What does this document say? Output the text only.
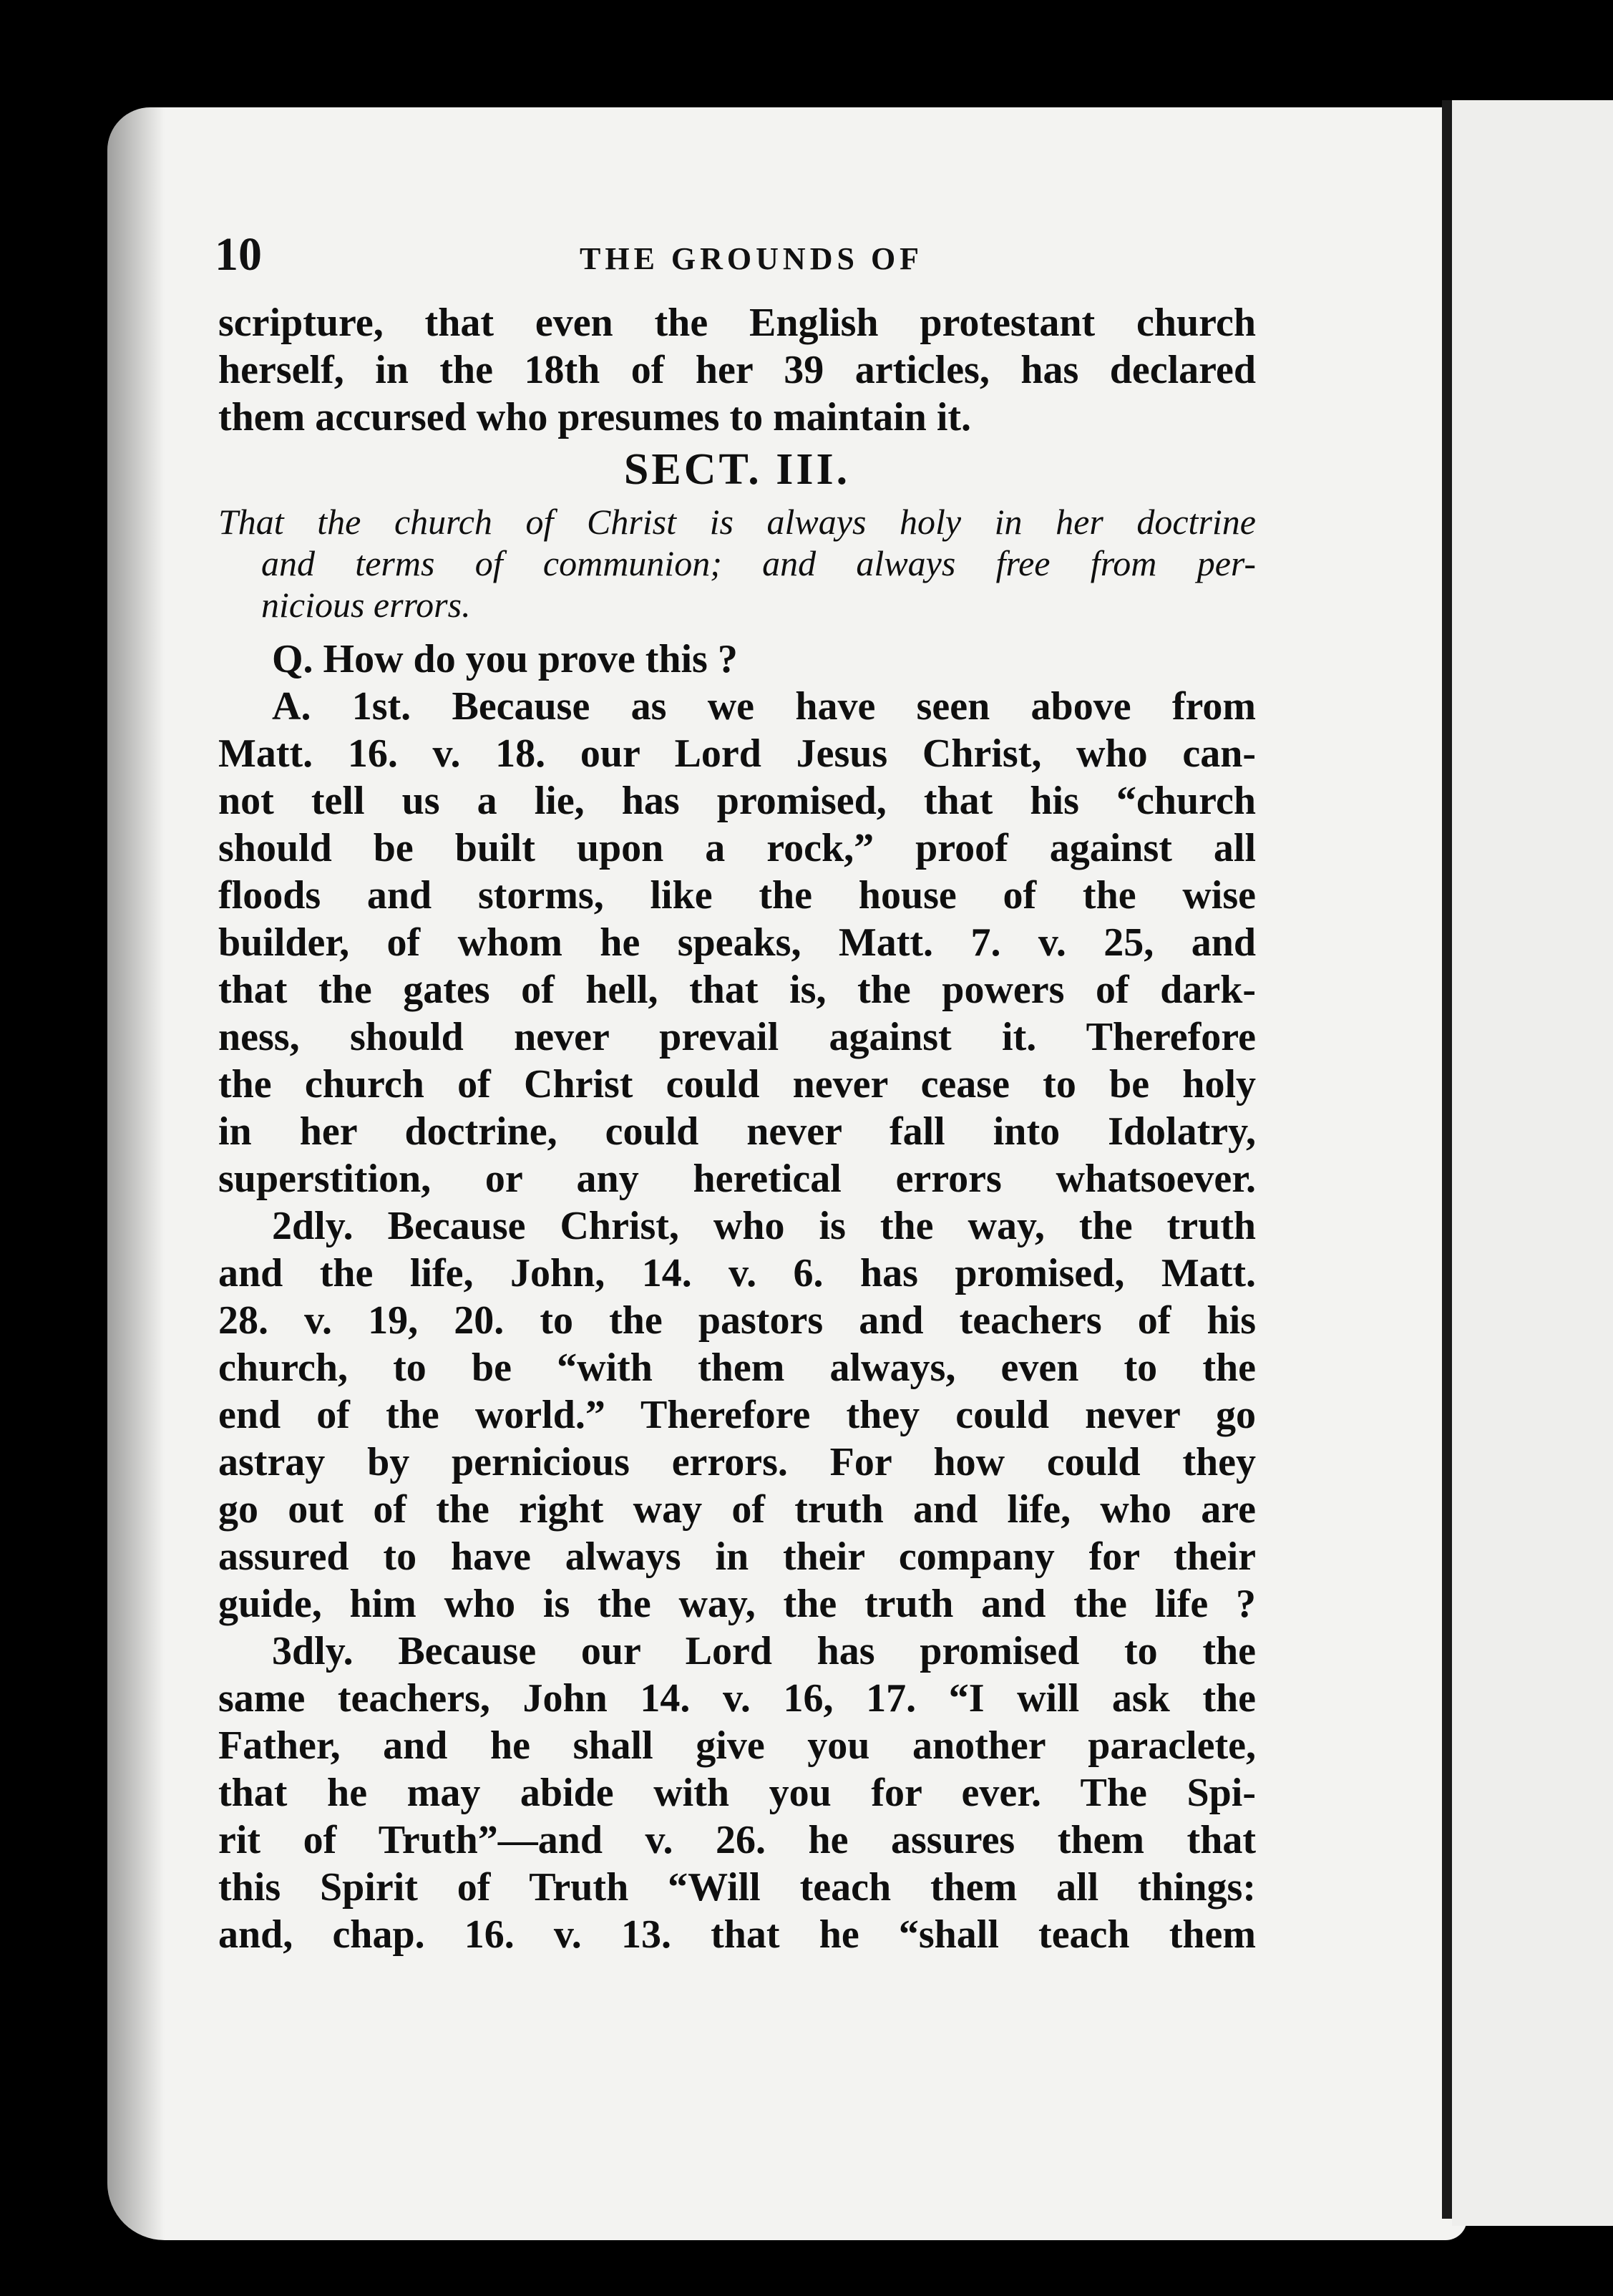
10	THE GROUNDS OF
scripture, that even the English protestant church
herself, in the 18th of her 39 articles, has declared
them accursed who presumes to maintain it.
SECT. III.
That the church of Christ is always holy in her doctrine
and terms of communion; and always free from per-
nicious errors.
Q. How do you prove this ?
A. 1st. Because as we have seen above from
Matt. 16. v. 18. our Lord Jesus Christ, who can-
not tell us a lie, has promised, that his “church
should be built upon a rock,” proof against all
floods and storms, like the house of the wise
builder, of whom he speaks, Matt. 7. v. 25, and
that the gates of hell, that is, the powers of dark-
ness, should never prevail against it. Therefore
the church of Christ could never cease to be holy
in her doctrine, could never fall into Idolatry,
superstition, or any heretical errors whatsoever.
2dly. Because Christ, who is the way, the truth
and the life, John, 14. v. 6. has promised, Matt.
28. v. 19, 20. to the pastors and teachers of his
church, to be “with them always, even to the
end of the world.” Therefore they could never go
astray by pernicious errors. For how could they
go out of the right way of truth and life, who are
assured to have always in their company for their
guide, him who is the way, the truth and the life ?
3dly. Because our Lord has promised to the
same teachers, John 14. v. 16, 17. “I will ask the
Father, and he shall give you another paraclete,
that he may abide with you for ever. The Spi-
rit of Truth”—and v. 26. he assures them that
this Spirit of Truth “Will teach them all things:
and, chap. 16. v. 13. that he “shall teach them
